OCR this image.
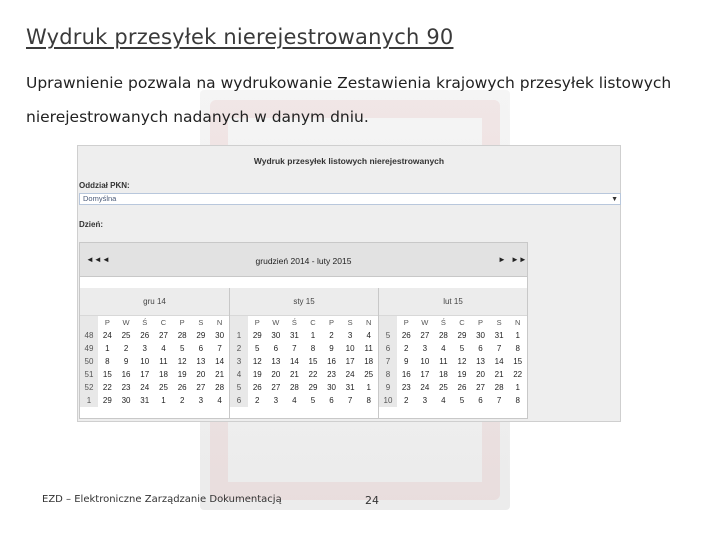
Wydruk przesyłek nierejestrowanych 90
Uprawnienie pozwala na wydrukowanie Zestawienia krajowych przesyłek listowych nierejestrowanych nadanych w danym dniu.
Wydruk przesyłek listowych nierejestrowanych
Oddział PKN:
Domyślna	▼
Dzień:
◄◄ ◄	grudzień 2014 - luty 2015	► ►►
gru 14
	P	W	Ś	C	P	S	N
48	24	25	26	27	28	29	30
49	1	2	3	4	5	6	7
50	8	9	10	11	12	13	14
51	15	16	17	18	19	20	21
52	22	23	24	25	26	27	28
1	29	30	31	1	2	3	4
sty 15
	P	W	Ś	C	P	S	N
1	29	30	31	1	2	3	4
2	5	6	7	8	9	10	11
3	12	13	14	15	16	17	18
4	19	20	21	22	23	24	25
5	26	27	28	29	30	31	1
6	2	3	4	5	6	7	8
lut 15
	P	W	Ś	C	P	S	N
5	26	27	28	29	30	31	1
6	2	3	4	5	6	7	8
7	9	10	11	12	13	14	15
8	16	17	18	19	20	21	22
9	23	24	25	26	27	28	1
10	2	3	4	5	6	7	8
EZD – Elektroniczne Zarządzanie Dokumentacją	24
